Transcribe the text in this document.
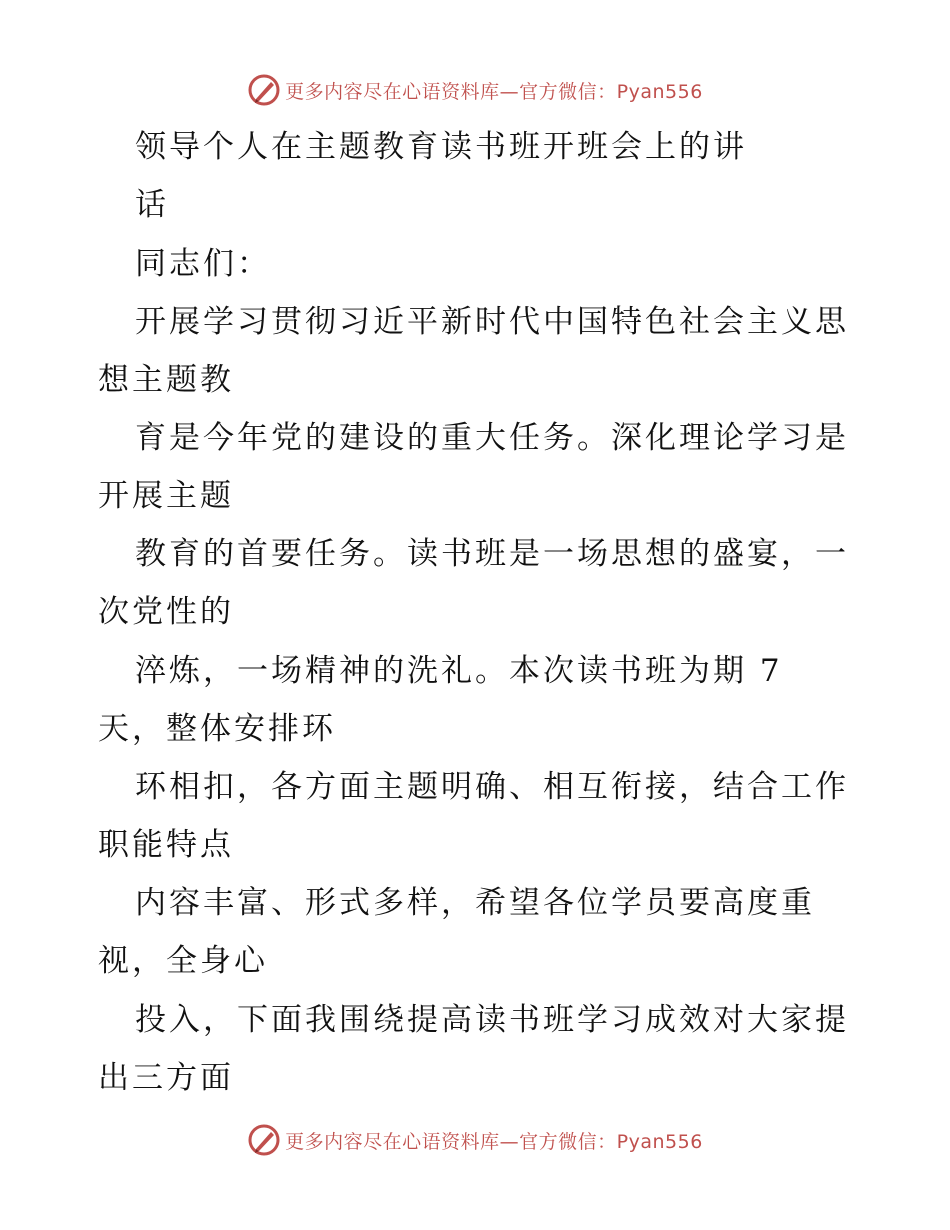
更多内容尽在心语资料库—官方微信：Pyan556
领导个人在主题教育读书班开班会上的讲
话
同志们：
开展学习贯彻习近平新时代中国特色社会主义思
想主题教
育是今年党的建设的重大任务。深化理论学习是
开展主题
教育的首要任务。读书班是一场思想的盛宴，一
次党性的
淬炼，一场精神的洗礼。本次读书班为期 7
天，整体安排环
环相扣，各方面主题明确、相互衔接，结合工作
职能特点
内容丰富、形式多样，希望各位学员要高度重
视，全身心
投入，下面我围绕提高读书班学习成效对大家提
出三方面
更多内容尽在心语资料库—官方微信：Pyan556
